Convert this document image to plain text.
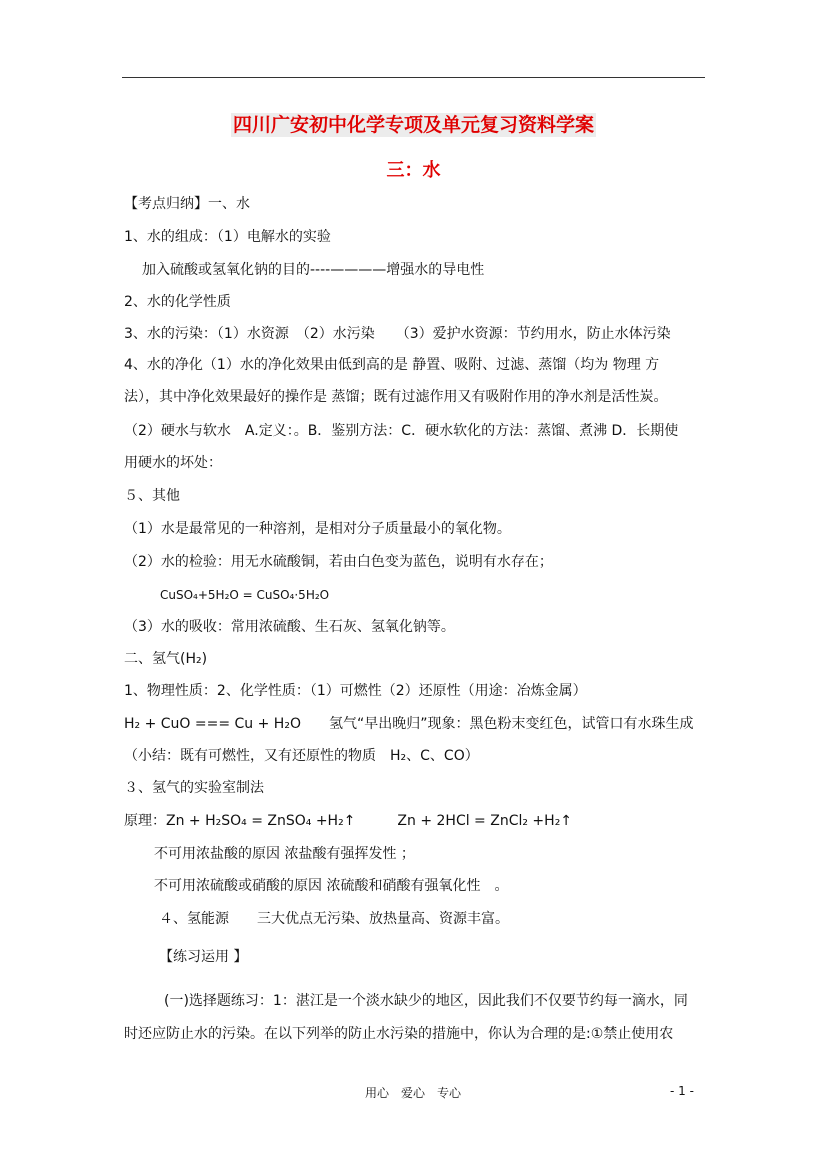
四川广安初中化学专项及单元复习资料学案
三：水
【考点归纳】一、水
1、水的组成：（1）电解水的实验
加入硫酸或氢氧化钠的目的----————增强水的导电性
2、水的化学性质
3、水的污染：（1）水资源　（2）水污染　　（3）爱护水资源：节约用水，防止水体污染
4、水的净化（1）水的净化效果由低到高的是 静置、吸附、过滤、蒸馏（均为 物理 方
法），其中净化效果最好的操作是 蒸馏；既有过滤作用又有吸附作用的净水剂是活性炭。
（2）硬水与软水　A.定义：。B．鉴别方法：C．硬水软化的方法：蒸馏、煮沸 D．长期使
用硬水的坏处：
５、其他
（1）水是最常见的一种溶剂，是相对分子质量最小的氧化物。
（2）水的检验：用无水硫酸铜，若由白色变为蓝色，说明有水存在；
CuSO₄+5H₂O = CuSO₄·5H₂O
（3）水的吸收：常用浓硫酸、生石灰、氢氧化钠等。
二、氢气(H₂)
1、物理性质：2、化学性质：（1）可燃性（2）还原性（用途：冶炼金属）
H₂ + CuO === Cu + H₂O　　氢气“早出晚归”现象：黑色粉末变红色，试管口有水珠生成
（小结：既有可燃性，又有还原性的物质　H₂、C、CO）
３、氢气的实验室制法
原理：Zn + H₂SO₄ = ZnSO₄ +H₂↑　　　Zn + 2HCl = ZnCl₂ +H₂↑
不可用浓盐酸的原因 浓盐酸有强挥发性 ；
不可用浓硫酸或硝酸的原因 浓硫酸和硝酸有强氧化性　。
４、氢能源　　三大优点无污染、放热量高、资源丰富。
【练习运用 】
(一)选择题练习：1：湛江是一个淡水缺少的地区，因此我们不仅要节约每一滴水，同
时还应防止水的污染。在以下列举的防止水污染的措施中，你认为合理的是:①禁止使用农
用心　爱心　专心	- 1 -
